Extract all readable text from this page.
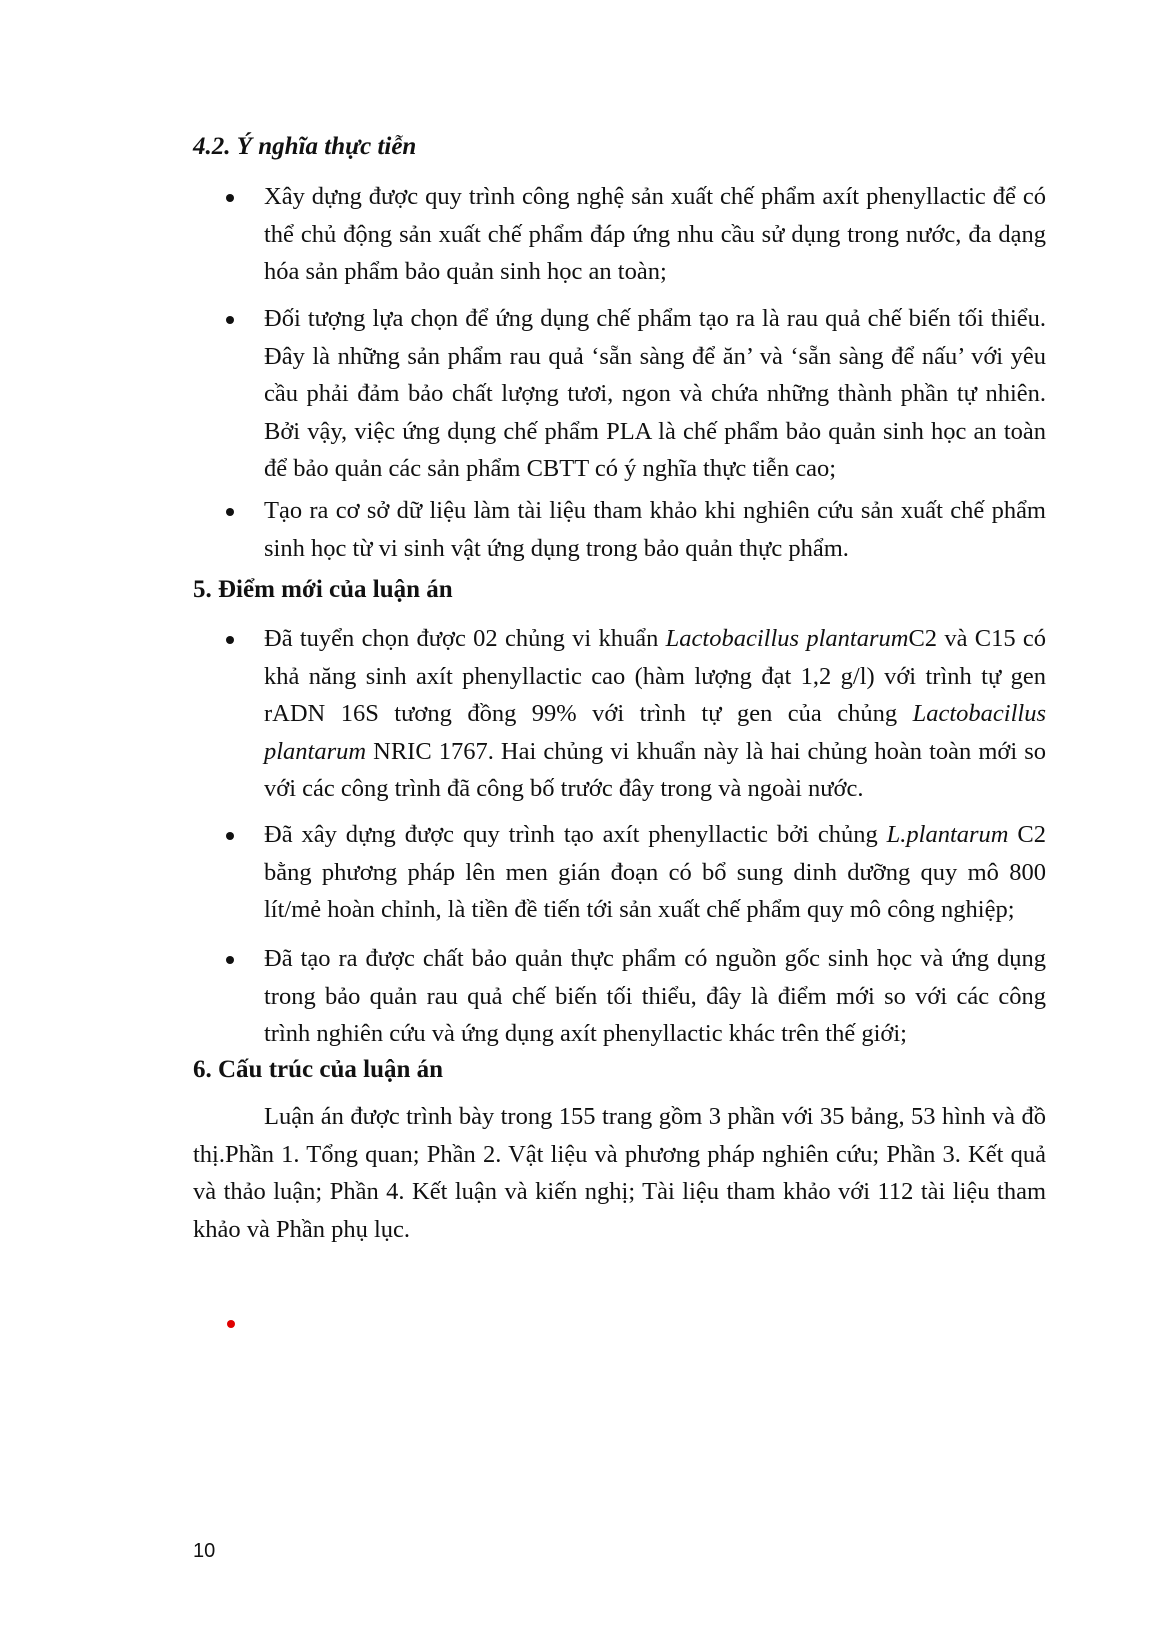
4.2. Ý nghĩa thực tiễn

Xây dựng được quy trình công nghệ sản xuất chế phẩm axít phenyllactic để có thể chủ động sản xuất chế phẩm đáp ứng nhu cầu sử dụng trong nước, đa dạng hóa sản phẩm bảo quản sinh học an toàn;

Đối tượng lựa chọn để ứng dụng chế phẩm tạo ra là rau quả chế biến tối thiểu. Đây là những sản phẩm rau quả ‘sẵn sàng để ăn’ và ‘sẵn sàng để nấu’ với yêu cầu phải đảm bảo chất lượng tươi, ngon và chứa những thành phần tự nhiên. Bởi vậy, việc ứng dụng chế phẩm PLA là chế phẩm bảo quản sinh học an toàn để bảo quản các sản phẩm CBTT có ý nghĩa thực tiễn cao;

Tạo ra cơ sở dữ liệu làm tài liệu tham khảo khi nghiên cứu sản xuất chế phẩm sinh học từ vi sinh vật ứng dụng trong bảo quản thực phẩm.

5. Điểm mới của luận án

Đã tuyển chọn được 02 chủng vi khuẩn Lactobacillus plantarumC2 và C15 có khả năng sinh axít phenyllactic cao (hàm lượng đạt 1,2 g/l) với trình tự gen rADN 16S tương đồng 99% với trình tự gen của chủng Lactobacillus plantarum NRIC 1767. Hai chủng vi khuẩn này là hai chủng hoàn toàn mới so với các công trình đã công bố trước đây trong và ngoài nước.

Đã xây dựng được quy trình tạo axít phenyllactic bởi chủng L.plantarum C2 bằng phương pháp lên men gián đoạn có bổ sung dinh dưỡng quy mô 800 lít/mẻ hoàn chỉnh, là tiền đề tiến tới sản xuất chế phẩm quy mô công nghiệp;

Đã tạo ra được chất bảo quản thực phẩm có nguồn gốc sinh học và ứng dụng trong bảo quản rau quả chế biến tối thiểu, đây là điểm mới so với các công trình nghiên cứu và ứng dụng axít phenyllactic khác trên thế giới;

6. Cấu trúc của luận án

Luận án được trình bày trong 155 trang gồm 3 phần với 35 bảng, 53 hình và đồ thị.Phần 1. Tổng quan; Phần 2. Vật liệu và phương pháp nghiên cứu; Phần 3. Kết quả và thảo luận; Phần 4. Kết luận và kiến nghị; Tài liệu tham khảo với 112 tài liệu tham khảo và Phần phụ lục.

10
